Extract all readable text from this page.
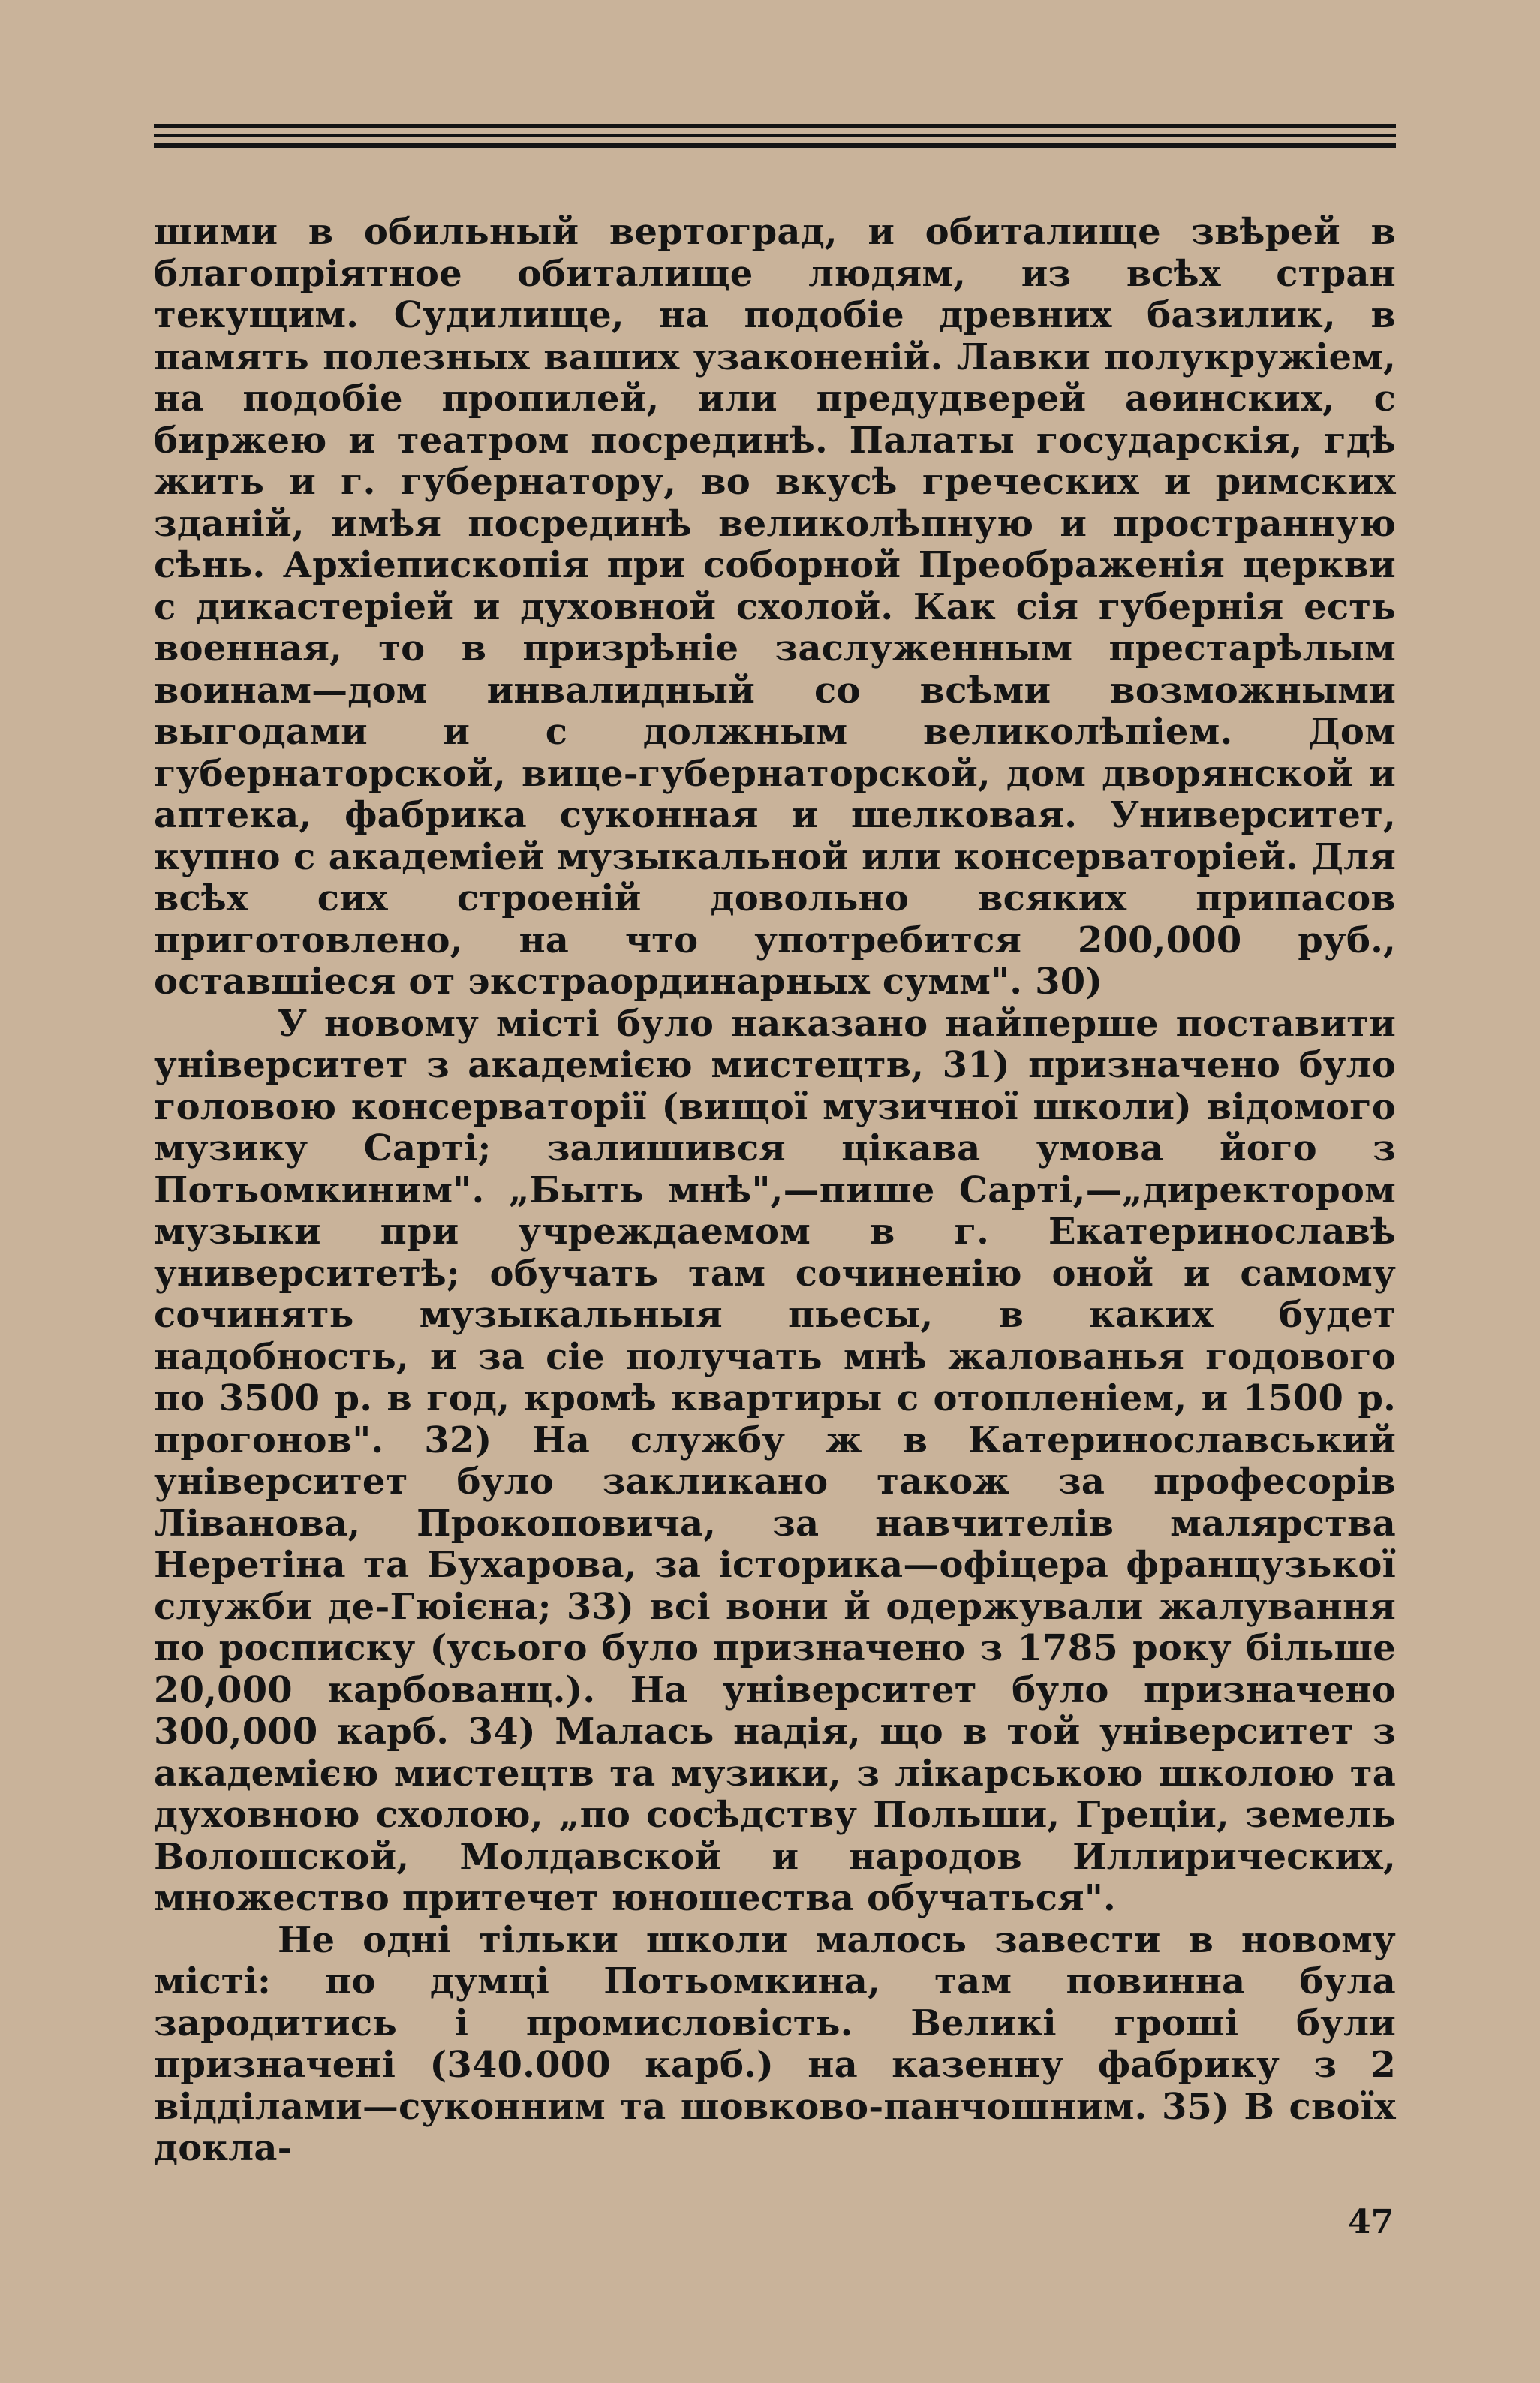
шими в обильный вертоград, и обиталище звѣрей в благопріятное обиталище людям, из всѣх стран текущим. Судилище, на подобіе древних базилик, в память полезных ваших узаконеній. Лавки полукружіем, на подобіе пропилей, или предудверей аѳинских, с биржею и театром посрединѣ. Палаты государскія, гдѣ жить и г. губернатору, во вкусѣ греческих и римских зданій, имѣя посрединѣ великолѣпную и пространную сѣнь. Архіепископія при соборной Преображенія церкви с дикастеріей и духовной схолой. Как сія губернія есть военная, то в призрѣніе заслуженным престарѣлым воинам—дом инвалидный со всѣми возможными выгодами и с должным великолѣпіем. Дом губернаторской, вице-губернаторской, дом дворянской и аптека, фабрика суконная и шелковая. Университет, купно с академіей музыкальной или консерваторіей. Для всѣх сих строеній довольно всяких припасов приготовлено, на что употребится 200,000 руб., оставшіеся от экстраординарных сумм". 30)

У новому місті було наказано найперше поставити університет з академією мистецтв, 31) призначено було головою консерваторії (вищої музичної школи) відомого музику Сарті; залишився цікава умова його з Потьомкиним". „Быть мнѣ",—пише Сарті,—„директором музыки при учреждаемом в г. Екатеринославѣ университетѣ; обучать там сочиненію оной и самому сочинять музыкальныя пьесы, в каких будет надобность, и за сіе получать мнѣ жалованья годового по 3500 р. в год, кромѣ квартиры с отопленіем, и 1500 р. прогонов". 32) На службу ж в Катеринославський університет було закликано також за професорів Ліванова, Прокоповича, за навчителів малярства Неретіна та Бухарова, за історика—офіцера французької служби де-Гюієна; 33) всі вони й одержували жалування по росписку (усього було призначено з 1785 року більше 20,000 карбованц.). На університет було призначено 300,000 карб. 34) Малась надія, що в той університет з академією мистецтв та музики, з лікарською школою та духовною схолою, „по сосѣдству Польши, Греціи, земель Волошской, Молдавской и народов Иллирических, множество притечет юношества обучаться".

Не одні тільки школи малось завести в новому місті: по думці Потьомкина, там повинна була зародитись і промисловість. Великі гроші були призначені (340.000 карб.) на казенну фабрику з 2 відділами—суконним та шовково-панчошним. 35) В своїх докла-

47
